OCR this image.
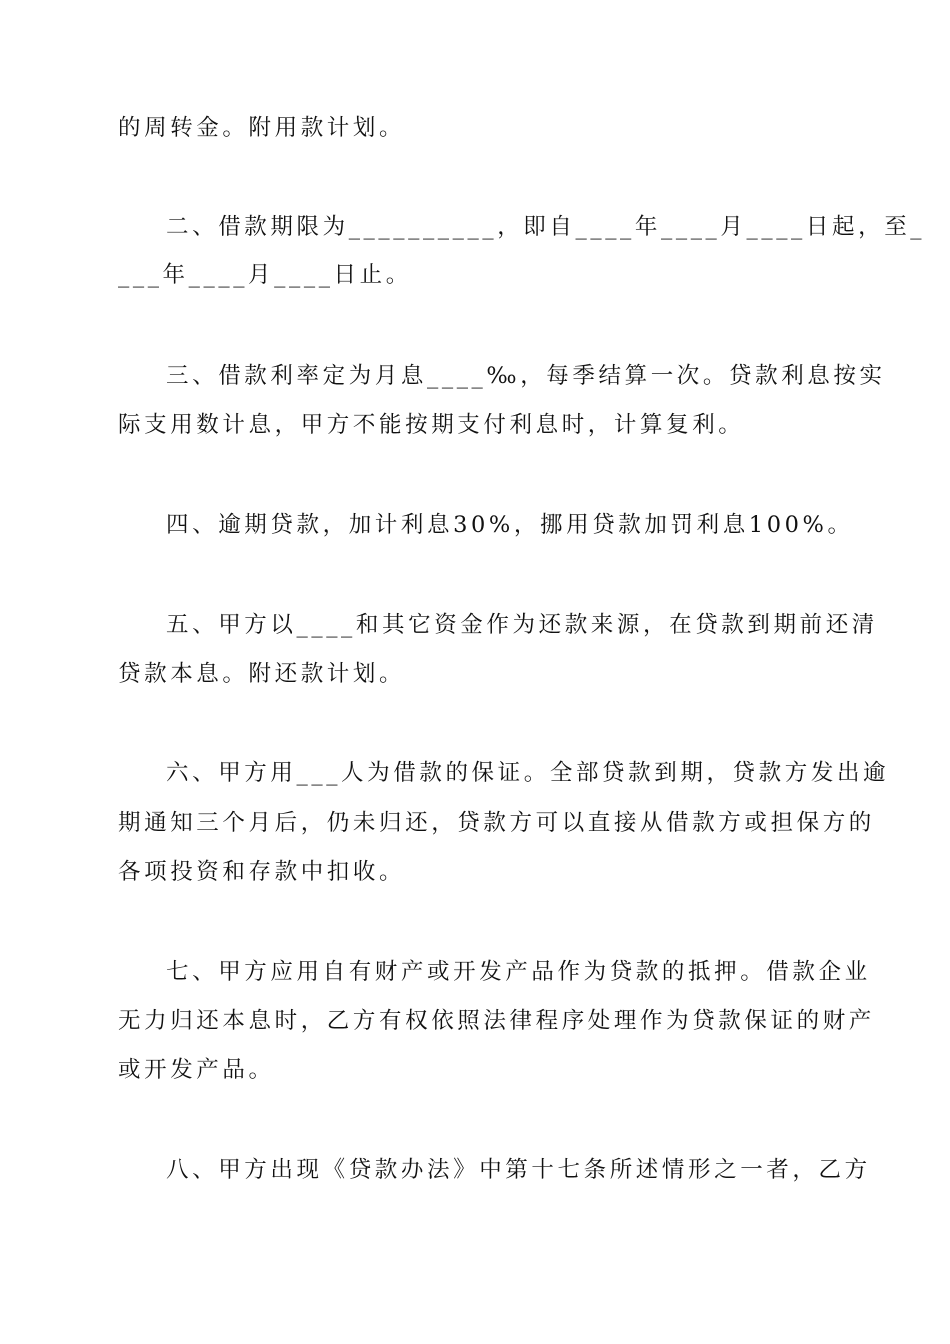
的周转金。附用款计划。
二、借款期限为__________，即自____年____月____日起，至_
___年____月____日止。
三、借款利率定为月息____‰，每季结算一次。贷款利息按实
际支用数计息，甲方不能按期支付利息时，计算复利。
四、逾期贷款，加计利息30%，挪用贷款加罚利息100%。
五、甲方以____和其它资金作为还款来源，在贷款到期前还清
贷款本息。附还款计划。
六、甲方用___人为借款的保证。全部贷款到期，贷款方发出逾
期通知三个月后，仍未归还，贷款方可以直接从借款方或担保方的
各项投资和存款中扣收。
七、甲方应用自有财产或开发产品作为贷款的抵押。借款企业
无力归还本息时，乙方有权依照法律程序处理作为贷款保证的财产
或开发产品。
八、甲方出现《贷款办法》中第十七条所述情形之一者，乙方
